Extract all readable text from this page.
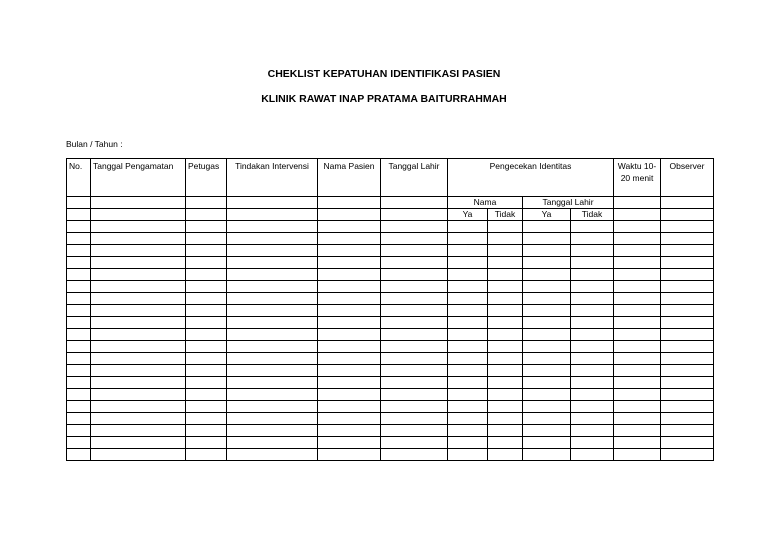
CHEKLIST KEPATUHAN IDENTIFIKASI PASIEN
KLINIK RAWAT INAP PRATAMA BAITURRAHMAH
Bulan / Tahun :
No.	Tanggal Pengamatan	Petugas	Tindakan Intervensi	Nama Pasien	Tanggal Lahir	Pengecekan Identitas				Waktu 10-20 menit	Observer
						Nama		Tanggal Lahir			
						Ya	Tidak	Ya	Tidak		
